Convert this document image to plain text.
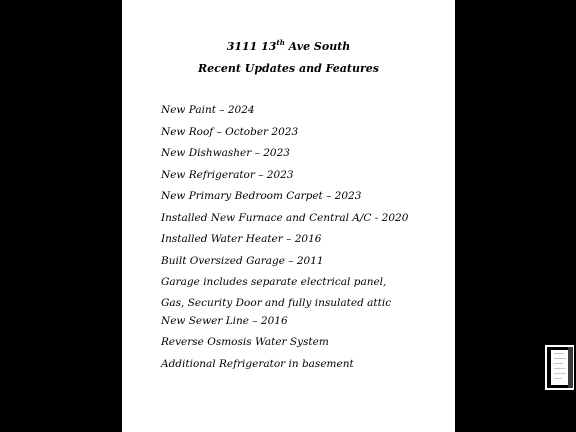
3111 13th Ave South
Recent Updates and Features
New Paint – 2024
New Roof – October 2023
New Dishwasher – 2023
New Refrigerator – 2023
New Primary Bedroom Carpet – 2023
Installed New Furnace and Central A/C - 2020
Installed Water Heater – 2016
Built Oversized Garage – 2011
Garage includes separate electrical panel, Gas, Security Door and fully insulated attic
New Sewer Line – 2016
Reverse Osmosis Water System
Additional Refrigerator in basement
